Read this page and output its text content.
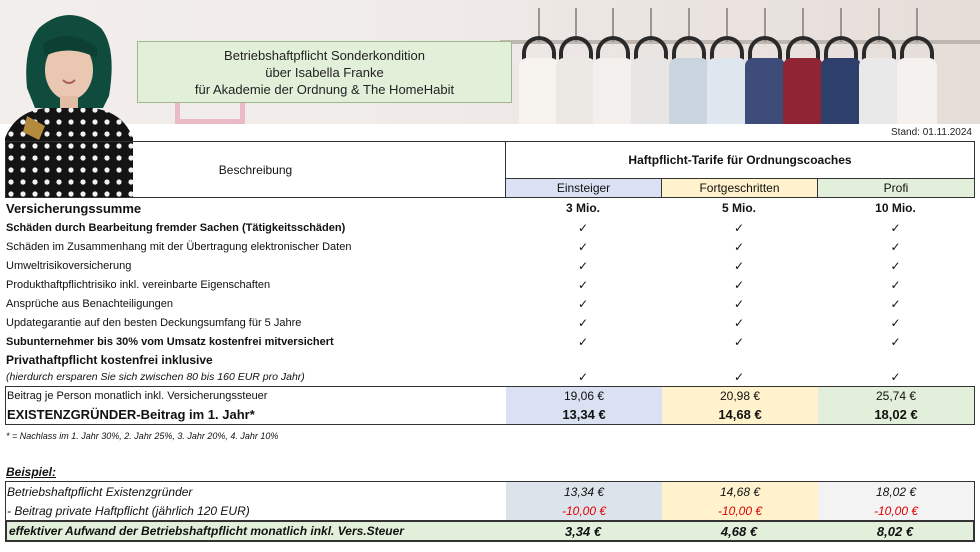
Betriebshaftpflicht Sonderkondition
über Isabella Franke
für Akademie der Ordnung & The HomeHabit
Stand: 01.11.2024
Beschreibung
Haftpflicht-Tarife für Ordnungscoaches
Einsteiger	Fortgeschritten	Profi
Versicherungssumme	3 Mio.	5 Mio.	10 Mio.
Schäden durch Bearbeitung fremder Sachen (Tätigkeitsschäden)	✓	✓	✓
Schäden im Zusammenhang mit der Übertragung elektronischer Daten	✓	✓	✓
Umweltrisikoversicherung	✓	✓	✓
Produkthaftpflichtrisiko inkl. vereinbarte Eigenschaften	✓	✓	✓
Ansprüche aus Benachteiligungen	✓	✓	✓
Updategarantie auf den besten Deckungsumfang für 5 Jahre	✓	✓	✓
Subunternehmer bis 30% vom Umsatz kostenfrei mitversichert	✓	✓	✓
Privathaftpflicht kostenfrei inklusive
(hierdurch ersparen Sie sich zwischen 80 bis 160 EUR pro Jahr)	✓	✓	✓
Beitrag je Person monatlich inkl. Versicherungssteuer	19,06 €	20,98 €	25,74 €
EXISTENZGRÜNDER-Beitrag im 1. Jahr*	13,34 €	14,68 €	18,02 €
* = Nachlass im 1. Jahr 30%, 2. Jahr 25%, 3. Jahr 20%, 4. Jahr 10%
Beispiel:
Betriebshaftpflicht Existenzgründer	13,34 €	14,68 €	18,02 €
- Beitrag private Haftpflicht (jährlich 120 EUR)	-10,00 €	-10,00 €	-10,00 €
effektiver Aufwand der Betriebshaftpflicht monatlich inkl. Vers.Steuer	3,34 €	4,68 €	8,02 €
